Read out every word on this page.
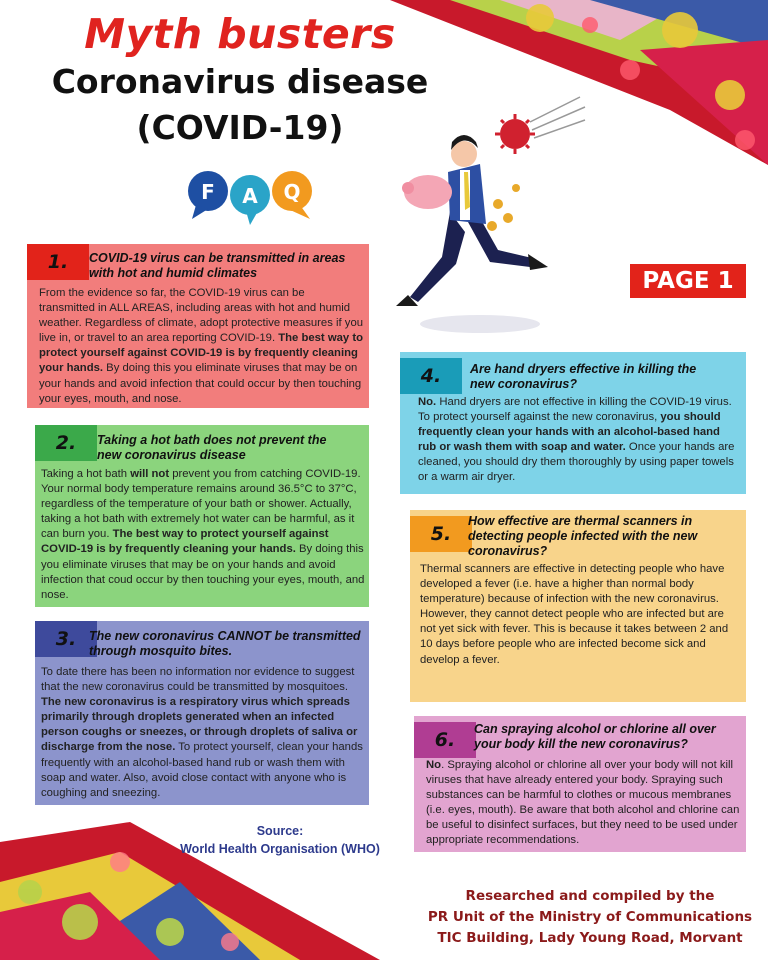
Myth busters
Coronavirus disease
(COVID-19)
F A Q
PAGE 1
1.	COVID-19 virus can be transmitted in areas with hot and humid climates
From the evidence so far, the COVID-19 virus can be transmitted in ALL AREAS, including areas with hot and humid weather. Regardless of climate, adopt protective measures if you live in, or travel to an area reporting COVID-19. The best way to protect yourself against COVID-19 is by frequently cleaning your hands. By doing this you eliminate viruses that may be on your hands and avoid infection that could occur by then touching your eyes, mouth, and nose.
2.	Taking a hot bath does not prevent the new coronavirus disease
Taking a hot bath will not prevent you from catching COVID-19. Your normal body temperature remains around 36.5°C to 37°C, regardless of the temperature of your bath or shower. Actually, taking a hot bath with extremely hot water can be harmful, as it can burn you. The best way to protect yourself against COVID-19 is by frequently cleaning your hands. By doing this you eliminate viruses that may be on your hands and avoid infection that coud occur by then touching your eyes, mouth, and nose.
3.	The new coronavirus CANNOT be transmitted through mosquito bites.
To date there has been no information nor evidence to suggest that the new coronavirus could be transmitted by mosquitoes. The new coronavirus is a respiratory virus which spreads primarily through droplets generated when an infected person coughs or sneezes, or through droplets of saliva or discharge from the nose. To protect yourself, clean your hands frequently with an alcohol-based hand rub or wash them with soap and water. Also, avoid close contact with anyone who is coughing and sneezing.
4.	Are hand dryers effective in killing the new coronavirus?
No. Hand dryers are not effective in killing the COVID-19 virus. To protect yourself against the new coronavirus, you should frequently clean your hands with an alcohol-based hand rub or wash them with soap and water. Once your hands are cleaned, you should dry them thoroughly by using paper towels or a warm air dryer.
5.
How effective are thermal scanners in detecting people infected with the new coronavirus?
Thermal scanners are effective in detecting people who have developed a fever (i.e. have a higher than normal body temperature) because of infection with the new coronavirus.
However, they cannot detect people who are infected but are not yet sick with fever. This is because it takes between 2 and 10 days before people who are infected become sick and develop a fever.
6.	Can spraying alcohol or chlorine all over your body kill the new coronavirus?
No. Spraying alcohol or chlorine all over your body will not kill viruses that have already entered your body. Spraying such substances can be harmful to clothes or mucous membranes (i.e. eyes, mouth). Be aware that both alcohol and chlorine can be useful to disinfect surfaces, but they need to be used under appropriate recommendations.
Source:
World Health Organisation (WHO)
Researched and compiled by the
PR Unit of the Ministry of Communications
TIC Building, Lady Young Road, Morvant
